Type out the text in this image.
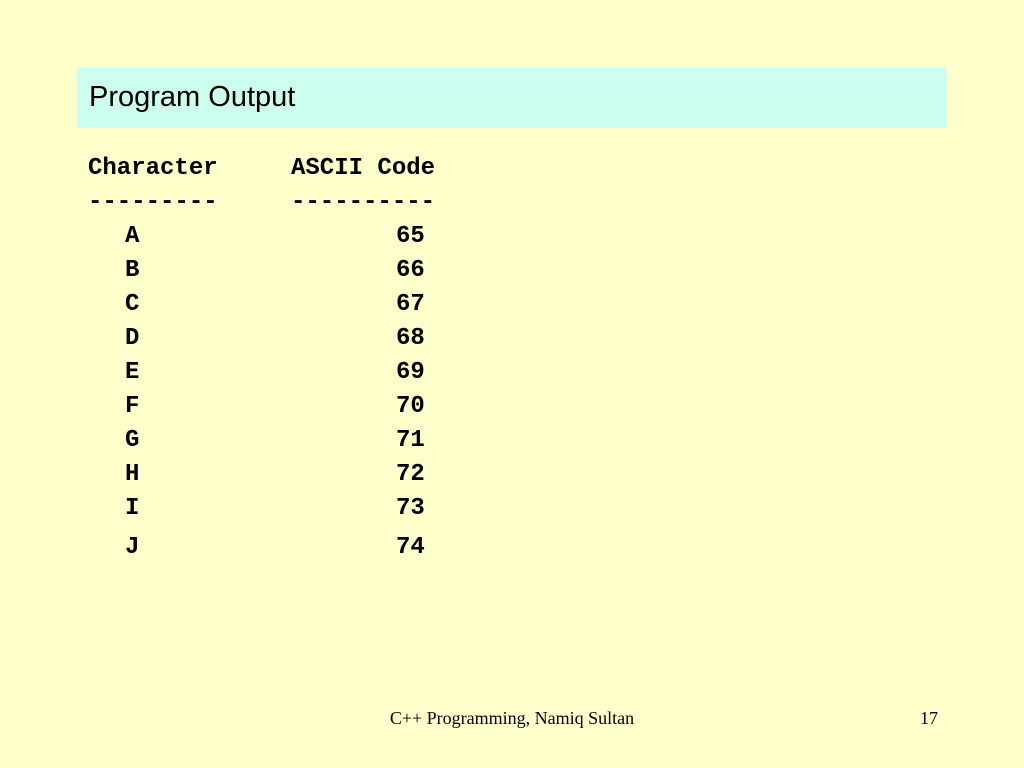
Program Output
Character	ASCII Code
---------	----------
A	65
B	66
C	67
D	68
E	69
F	70
G	71
H	72
I	73
J	74
C++ Programming, Namiq Sultan	17
